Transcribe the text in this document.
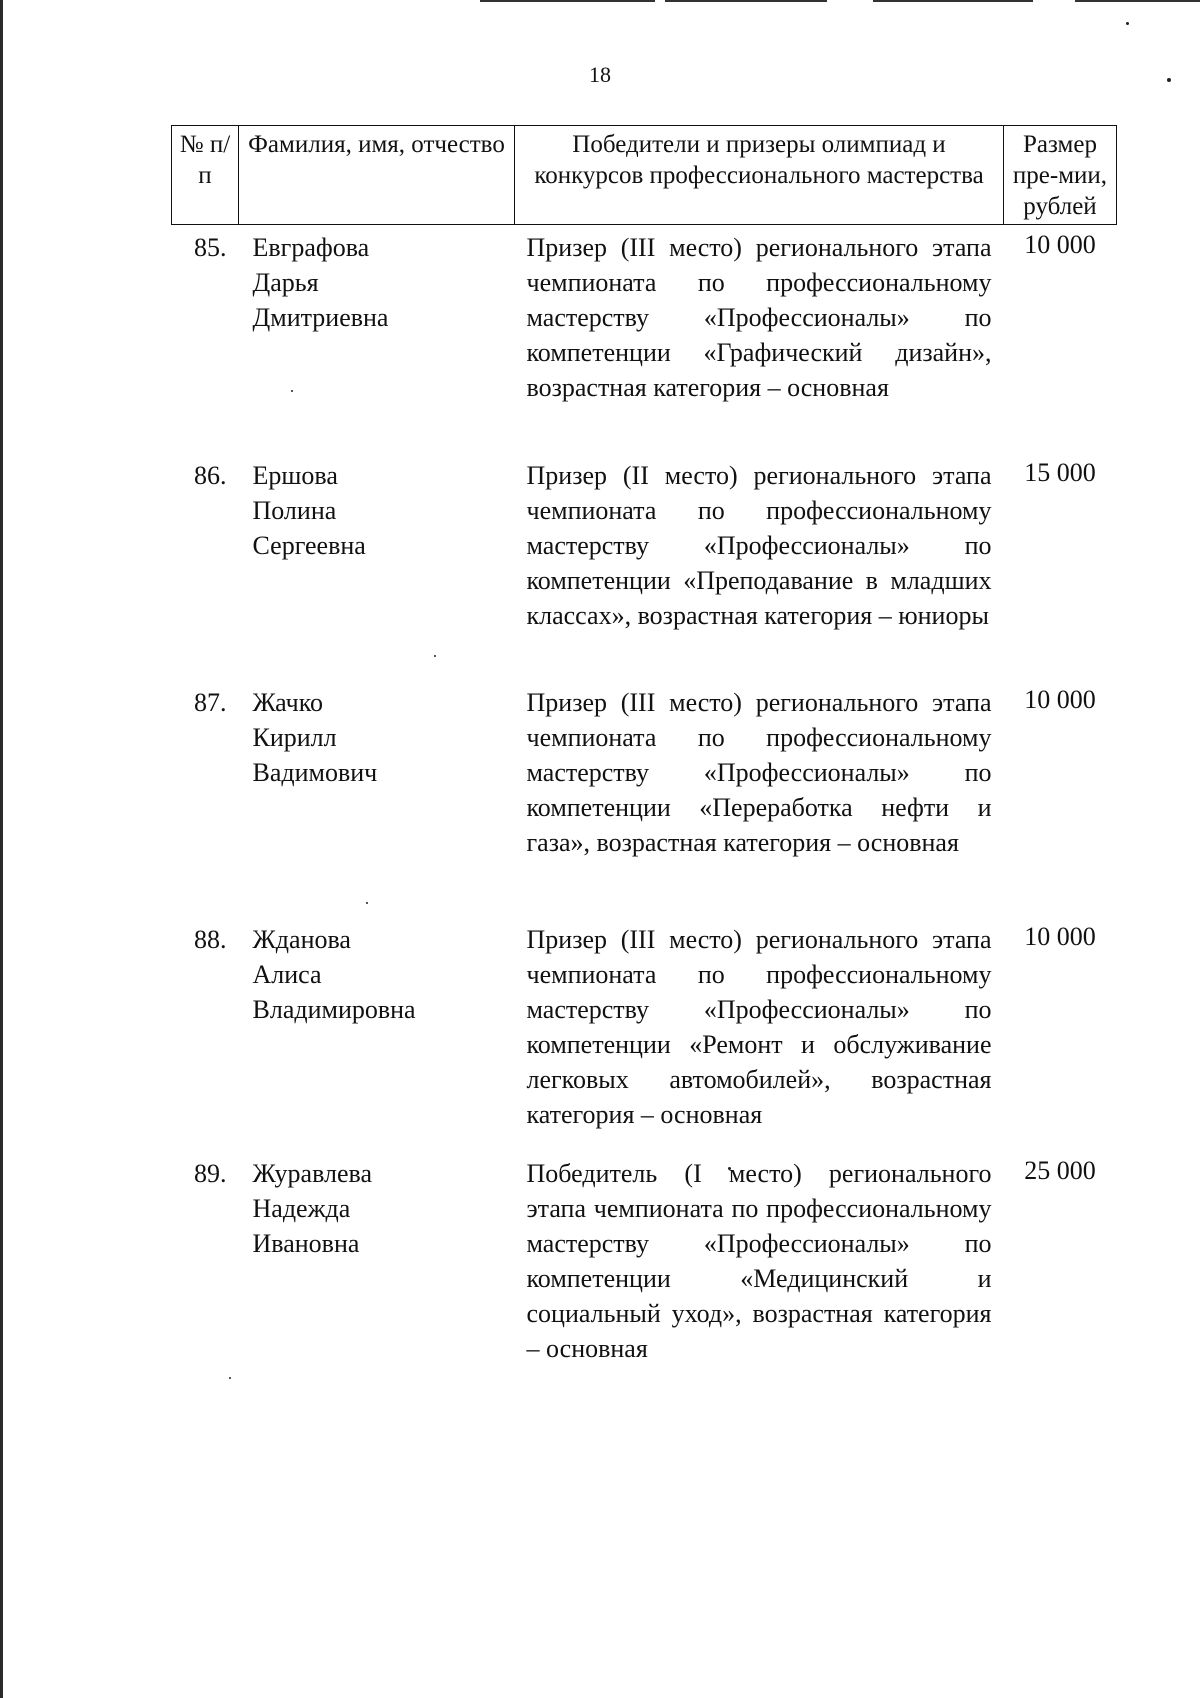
18
№ п/п	Фамилия, имя, отчество	Победители и призеры олимпиад и конкурсов профессионального мастерства	Размер пре-мии, рублей
85.	Евграфова
Дарья
Дмитриевна	Призер (III место) регионального этапа чемпионата по профессиональному мастерству «Профессионалы» по компетенции «Графический дизайн», возрастная категория – основная	10 000
86.	Ершова
Полина
Сергеевна	Призер (II место) регионального этапа чемпионата по профессиональному мастерству «Профессионалы» по компетенции «Преподавание в младших классах», возрастная категория – юниоры	15 000
87.	Жачко
Кирилл
Вадимович	Призер (III место) регионального этапа чемпионата по профессиональному мастерству «Профессионалы» по компетенции «Переработка нефти и газа», возрастная категория – основная	10 000
88.	Жданова
Алиса
Владимировна	Призер (III место) регионального этапа чемпионата по профессиональному мастерству «Профессионалы» по компетенции «Ремонт и обслуживание легковых автомобилей», возрастная категория – основная	10 000
89.	Журавлева
Надежда
Ивановна	Победитель (I место) регионального этапа чемпионата по профессиональному мастерству «Профессионалы» по компетенции «Медицинский и социальный уход», возрастная категория – основная	25 000
